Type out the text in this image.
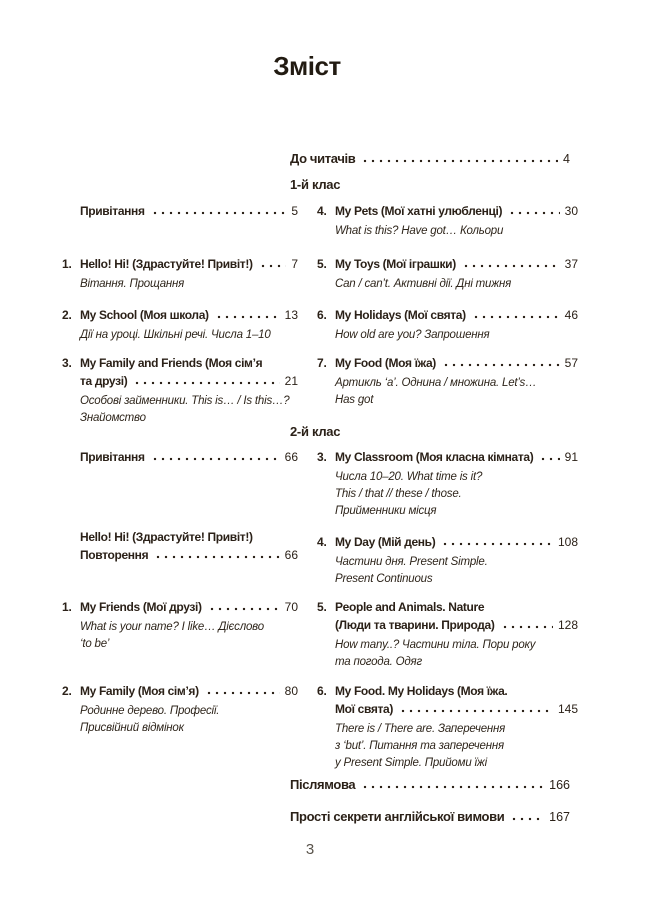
Зміст
До читачів	4
1-й клас
Привітання	5
1. Hello! Hi! (Здрастуйте! Привіт!)	7
Вітання. Прощання
2. My School (Моя школа)	13
Дії на уроці. Шкільні речі. Числа 1–10
3. My Family and Friends (Моя сім’я
та друзі)	21
Особові займенники. This is… / Is this…?
Знайомство
4. My Pets (Мої хатні улюбленці)	30
What is this? Have got… Кольори
5. My Toys (Мої іграшки)	37
Can / can’t. Активні дії. Дні тижня
6. My Holidays (Мої свята)	46
How old are you? Запрошення
7. My Food (Моя їжа)	57
Артикль ‘a’. Однина / множина. Let’s…
Has got
2-й клас
Привітання	66
Hello! Hi! (Здрастуйте! Привіт!)
Повторення	66
1. My Friends (Мої друзі)	70
What is your name? I like… Дієслово
‘to be’
2. My Family (Моя сім’я)	80
Родинне дерево. Професії.
Присвійний відмінок
3. My Classroom (Моя класна кімната)	91
Числа 10–20. What time is it?
This / that // these / those.
Прийменники місця
4. My Day (Мій день)	108
Частини дня. Present Simple.
Present Continuous
5. People and Animals. Nature
(Люди та тварини. Природа)	128
How many..? Частини тіла. Пори року
та погода. Одяг
6. My Food. My Holidays (Моя їжа.
Мої свята)	145
There is / There are. Заперечення
з ‘but’. Питання та заперечення
у Present Simple. Прийоми їжі
Післямова	166
Прості секрети англійської вимови	167
3
